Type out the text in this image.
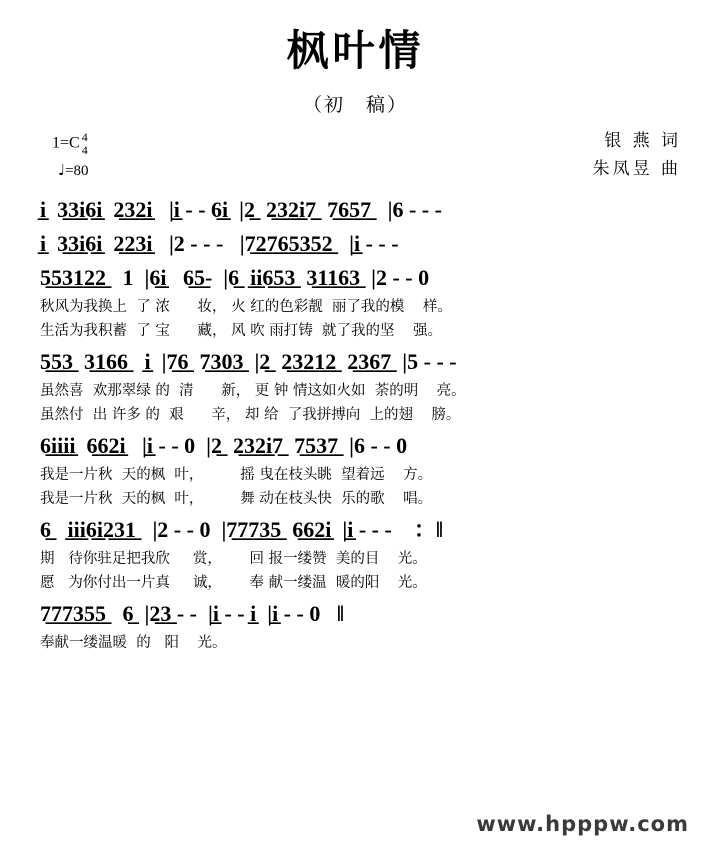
枫叶情
（初　稿）
1=C 4
4
♩=80
银 燕 词
朱凤昱 曲
i̲  3̲3̲i̲6̲i̲  2̲3̲2̲i̲   |i̲ - - 6̲i̲  |2̲  2̲3̲2̲i̲7̲  7̲6̲5̲7̲   |6 - - -
i̲  3̲3̲i̲6̲i̲  2̲2̲3̲i̲   |2 - - -   |7̲2̲7̲6̲5̲3̲5̲2̲   |i̲ - - -
5̲5̲3̲1̲2̲2̲   1  |6̲i̲   6̲5̲-  |6̲  i̲i̲6̲5̲3̲  3̲1̲1̲6̲3̲  |2 - - 0
秋风为我换上  了 浓      妆， 火 红的色彩靓  丽了我的模    样。
生活为我积蓄  了 宝      藏， 风 吹 雨打铸  就了我的坚    强。
5̲5̲3̲  3̲1̲6̲6̲   i̲  |7̲6̲  7̲3̲0̲3̲  |2̲  2̲3̲2̲1̲2̲  2̲3̲6̲7̲  |5 - - -
虽然喜  欢那翠绿 的  清      新， 更 钟 情这如火如  荼的明    亮。
虽然付  出 许多 的  艰      辛， 却 给  了我拼搏向  上的翅    膀。
6̲i̲i̲i̲i̲  6̲6̲2̲i̲   |i̲ - - 0  |2̲  2̲3̲2̲i̲7̲  7̲5̲3̲7̲  |6 - - 0
我是一片秋  天的枫  叶，        摇 曳在枝头眺  望着远    方。
我是一片秋  天的枫  叶，        舞 动在枝头快  乐的歌    唱。
6̲   i̲i̲i̲6̲i̲2̲3̲1̲   |2 - - 0  |7̲7̲7̲3̲5̲  6̲6̲2̲i̲  |i̲ - - -    ：‖
期   待你驻足把我欣     赏，      回 报一缕赞  美的目    光。
愿   为你付出一片真     诚，      奉 献一缕温  暖的阳    光。
7̲7̲7̲3̲5̲5̲   6̲  |2̲3̲ - -  |i̲ - - i̲  |i̲ - - 0   ‖
奉献一缕温暖  的   阳    光。
www.hpppw.com
